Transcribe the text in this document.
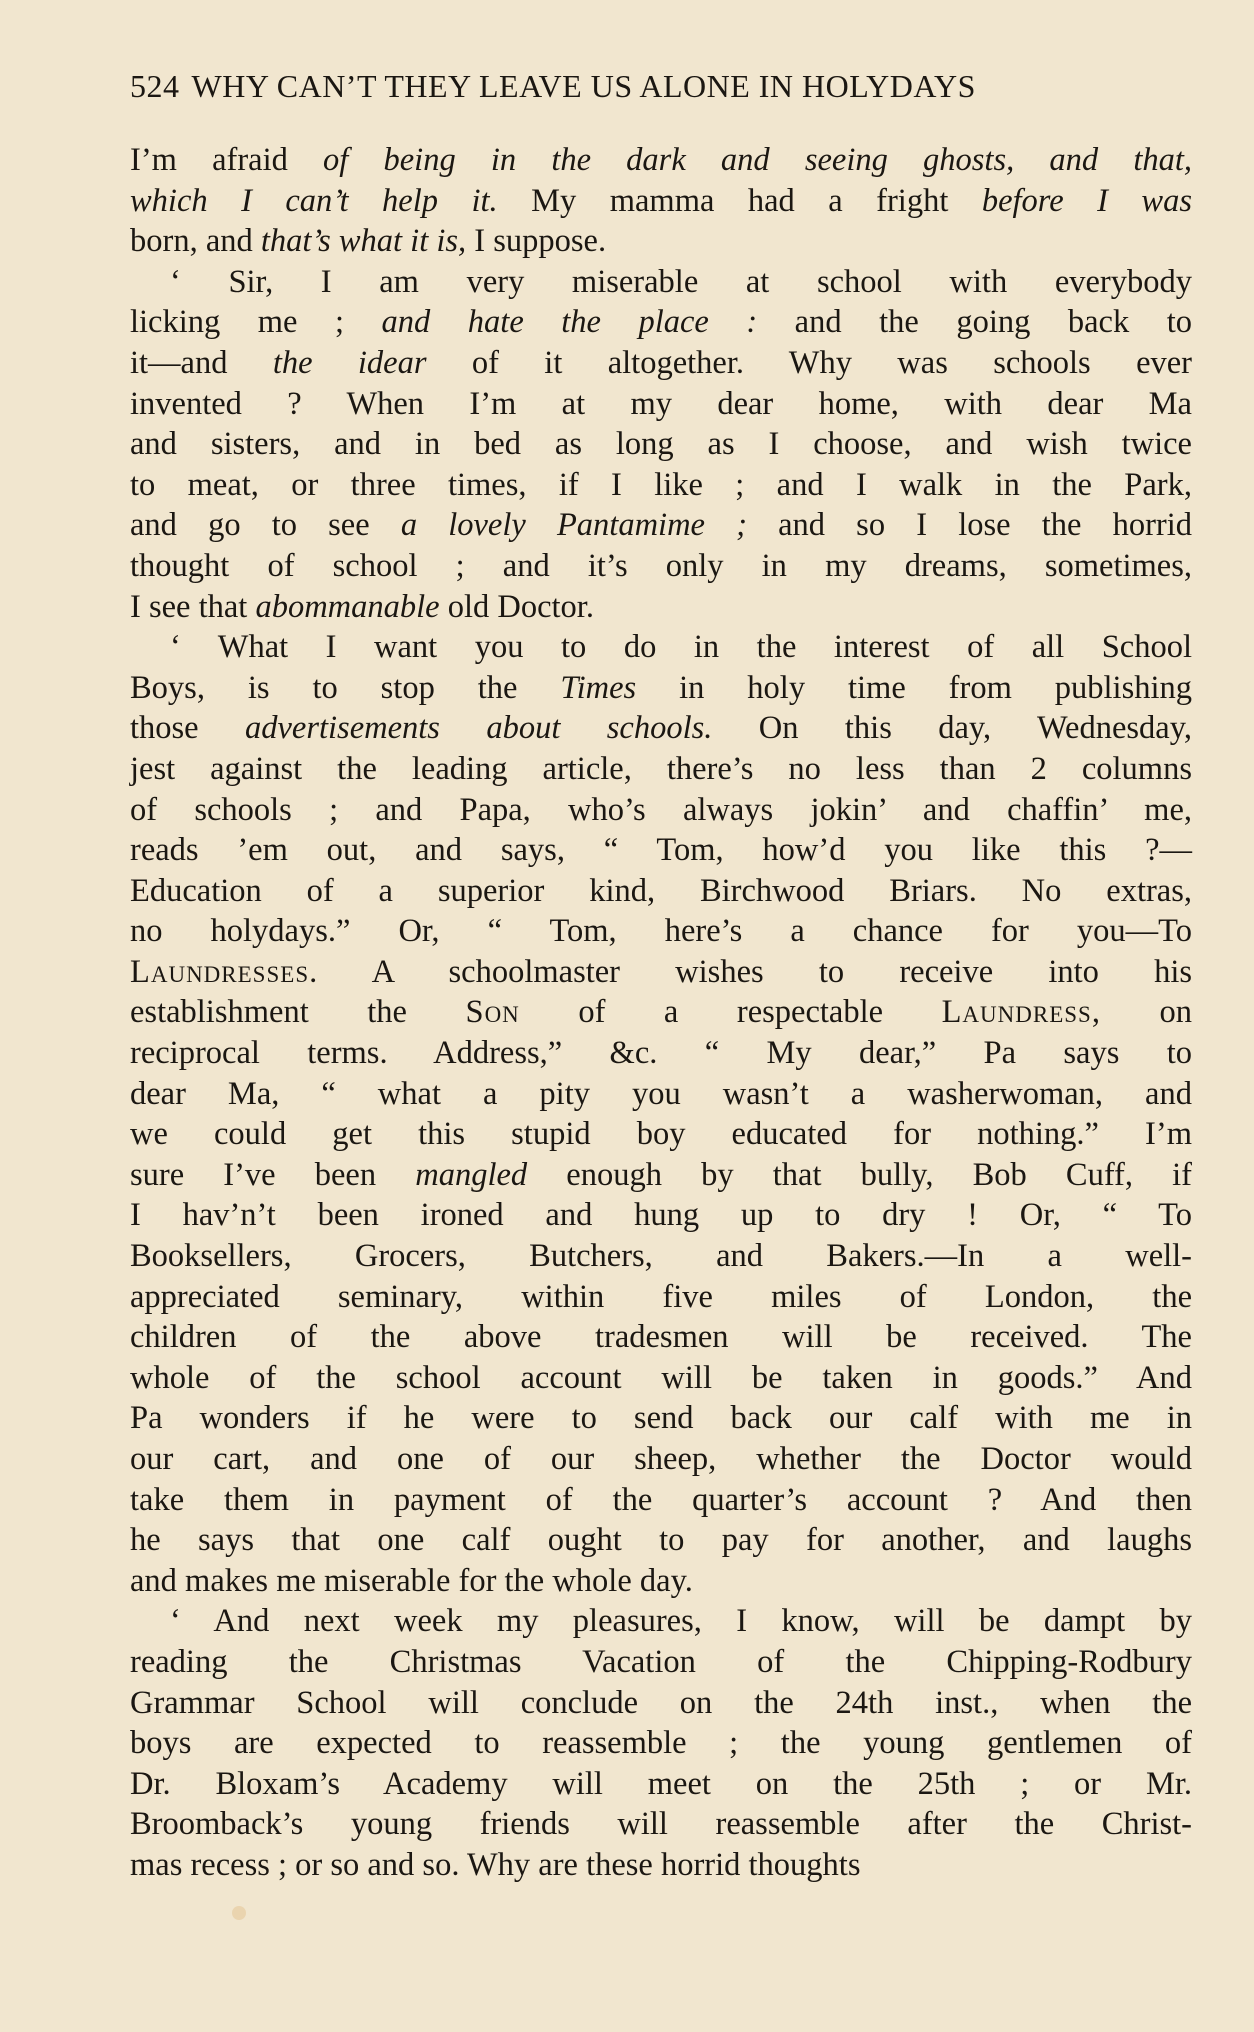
524 WHY CAN’T THEY LEAVE US ALONE IN HOLYDAYS
I’m afraid of being in the dark and seeing ghosts, and that,
which I can’t help it. My mamma had a fright before I was
born, and that’s what it is, I suppose.
‘ Sir, I am very miserable at school with everybody
licking me ; and hate the place : and the going back to
it—and the idear of it altogether. Why was schools ever
invented ? When I’m at my dear home, with dear Ma
and sisters, and in bed as long as I choose, and wish twice
to meat, or three times, if I like ; and I walk in the Park,
and go to see a lovely Pantamime ; and so I lose the horrid
thought of school ; and it’s only in my dreams, sometimes,
I see that abommanable old Doctor.
‘ What I want you to do in the interest of all School
Boys, is to stop the Times in holy time from publishing
those advertisements about schools. On this day, Wednesday,
jest against the leading article, there’s no less than 2 columns
of schools ; and Papa, who’s always jokin’ and chaffin’ me,
reads ’em out, and says, “ Tom, how’d you like this ?—
Education of a superior kind, Birchwood Briars. No extras,
no holydays.” Or, “ Tom, here’s a chance for you—To
Laundresses. A schoolmaster wishes to receive into his
establishment the Son of a respectable Laundress, on
reciprocal terms. Address,” &c. “ My dear,” Pa says to
dear Ma, “ what a pity you wasn’t a washerwoman, and
we could get this stupid boy educated for nothing.” I’m
sure I’ve been mangled enough by that bully, Bob Cuff, if
I hav’n’t been ironed and hung up to dry ! Or, “ To
Booksellers, Grocers, Butchers, and Bakers.—In a well-
appreciated seminary, within five miles of London, the
children of the above tradesmen will be received. The
whole of the school account will be taken in goods.” And
Pa wonders if he were to send back our calf with me in
our cart, and one of our sheep, whether the Doctor would
take them in payment of the quarter’s account ? And then
he says that one calf ought to pay for another, and laughs
and makes me miserable for the whole day.
‘ And next week my pleasures, I know, will be dampt by
reading the Christmas Vacation of the Chipping-Rodbury
Grammar School will conclude on the 24th inst., when the
boys are expected to reassemble ; the young gentlemen of
Dr. Bloxam’s Academy will meet on the 25th ; or Mr.
Broomback’s young friends will reassemble after the Christ-
mas recess ; or so and so. Why are these horrid thoughts
